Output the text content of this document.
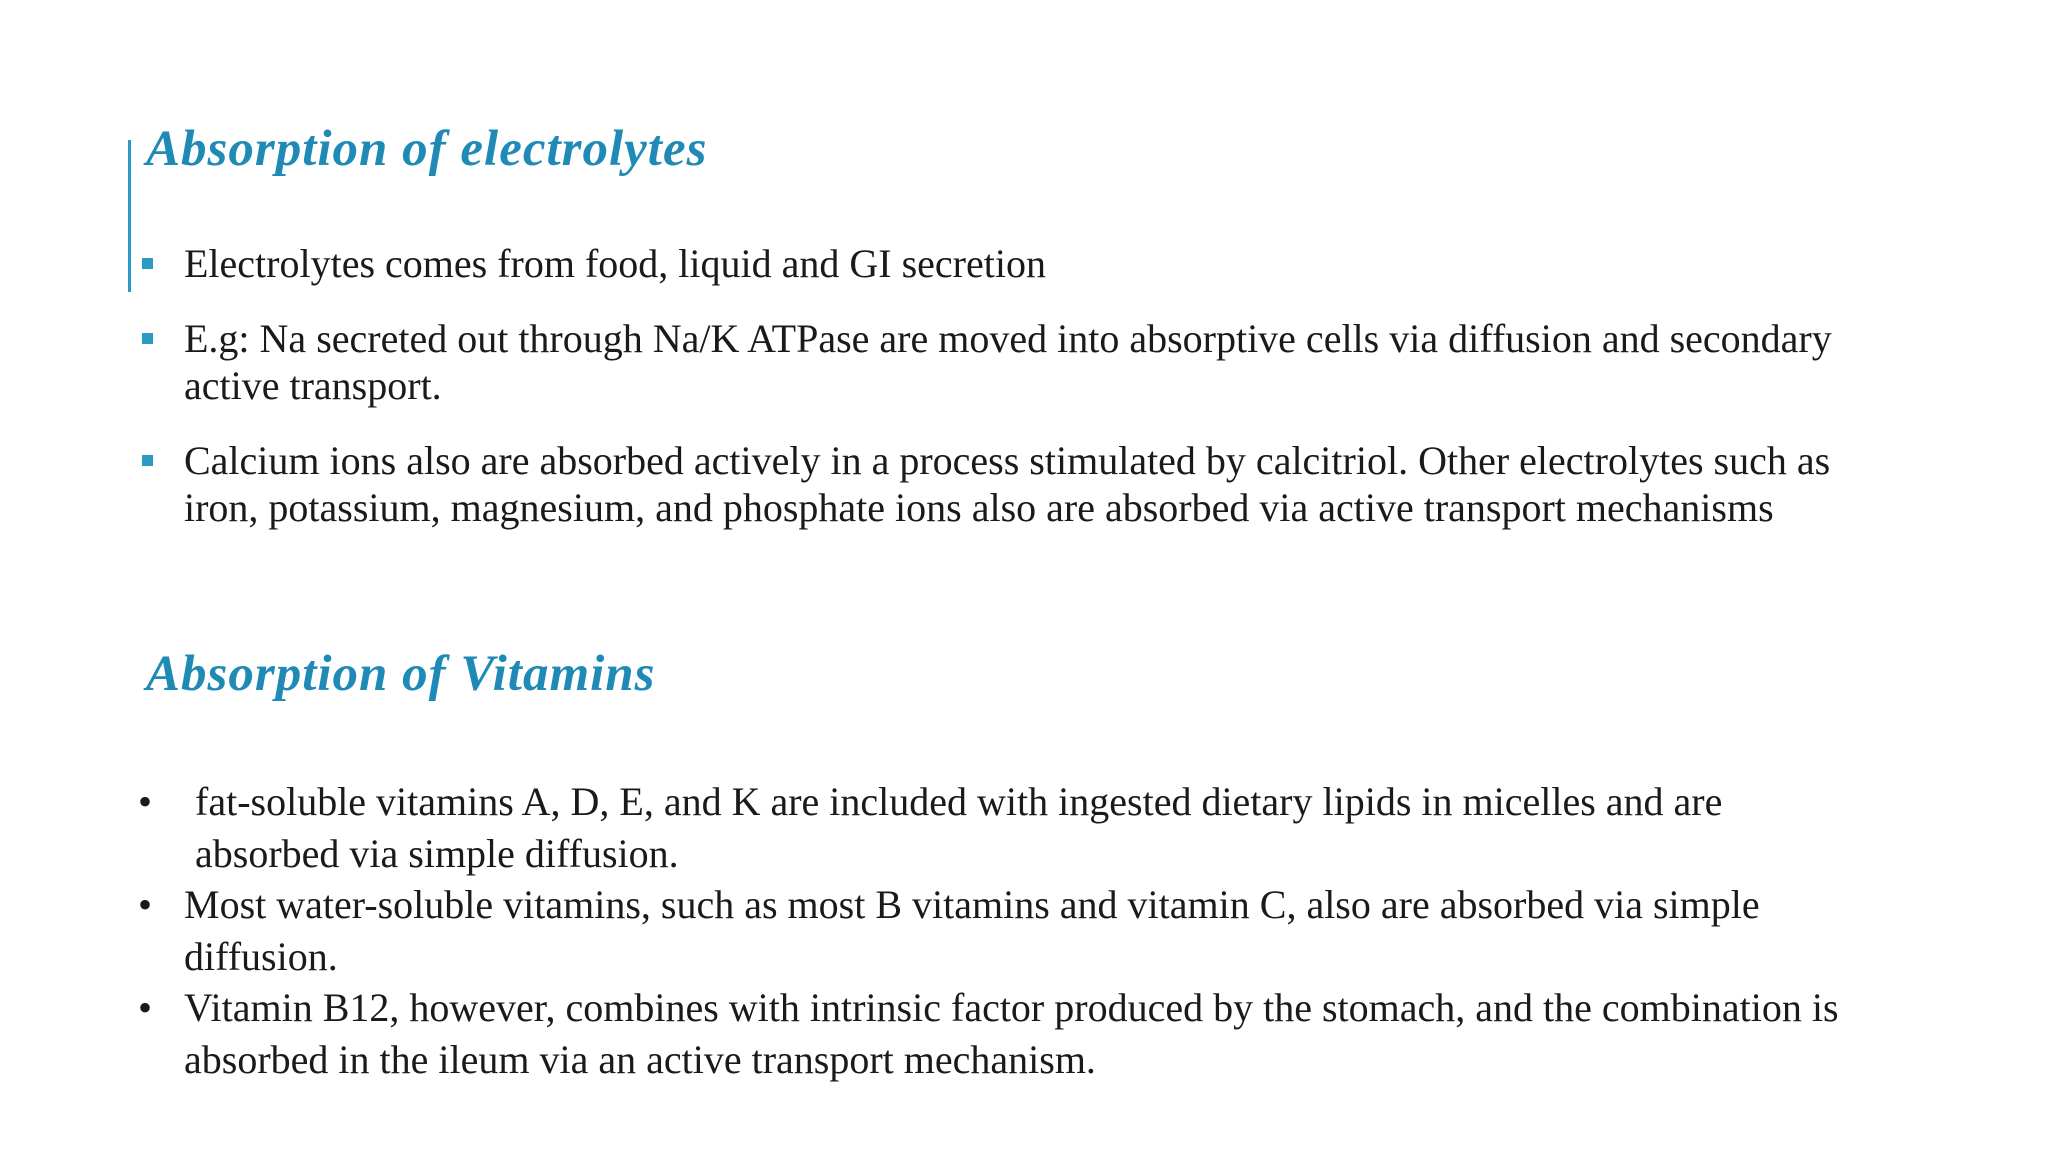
Absorption of electrolytes
Electrolytes comes from food, liquid and GI secretion
E.g: Na secreted out through Na/K ATPase are moved into absorptive cells via diffusion and secondary active transport.
Calcium ions also are absorbed actively in a process stimulated by calcitriol. Other electrolytes such as iron, potassium, magnesium, and phosphate ions also are absorbed via active transport mechanisms
Absorption of Vitamins
• fat-soluble vitamins A, D, E, and K are included with ingested dietary lipids in micelles and are absorbed via simple diffusion.
• Most water-soluble vitamins, such as most B vitamins and vitamin C, also are absorbed via simple diffusion.
• Vitamin B12, however, combines with intrinsic factor produced by the stomach, and the combination is absorbed in the ileum via an active transport mechanism.
